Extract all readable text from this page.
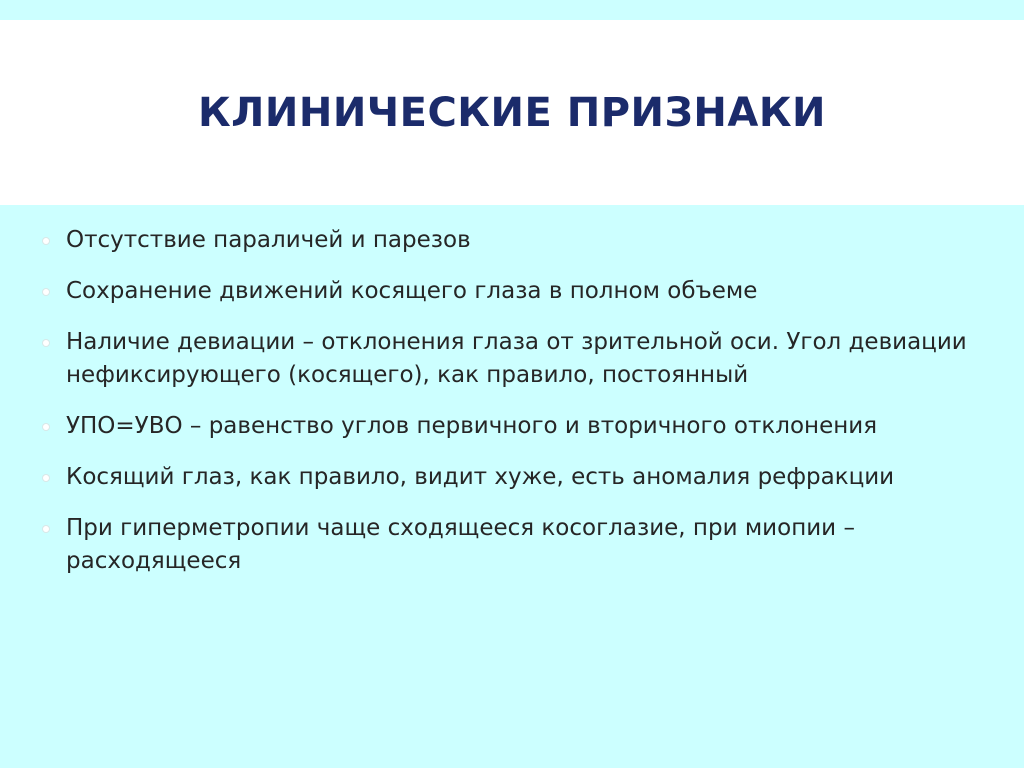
КЛИНИЧЕСКИЕ ПРИЗНАКИ
Отсутствие параличей и парезов
Сохранение движений косящего глаза в полном объеме
Наличие девиации – отклонения глаза от зрительной оси. Угол девиации нефиксирующего (косящего), как правило, постоянный
УПО=УВО – равенство углов первичного и вторичного отклонения
Косящий глаз, как правило, видит хуже, есть аномалия рефракции
При гиперметропии чаще сходящееся косоглазие, при миопии – расходящееся
